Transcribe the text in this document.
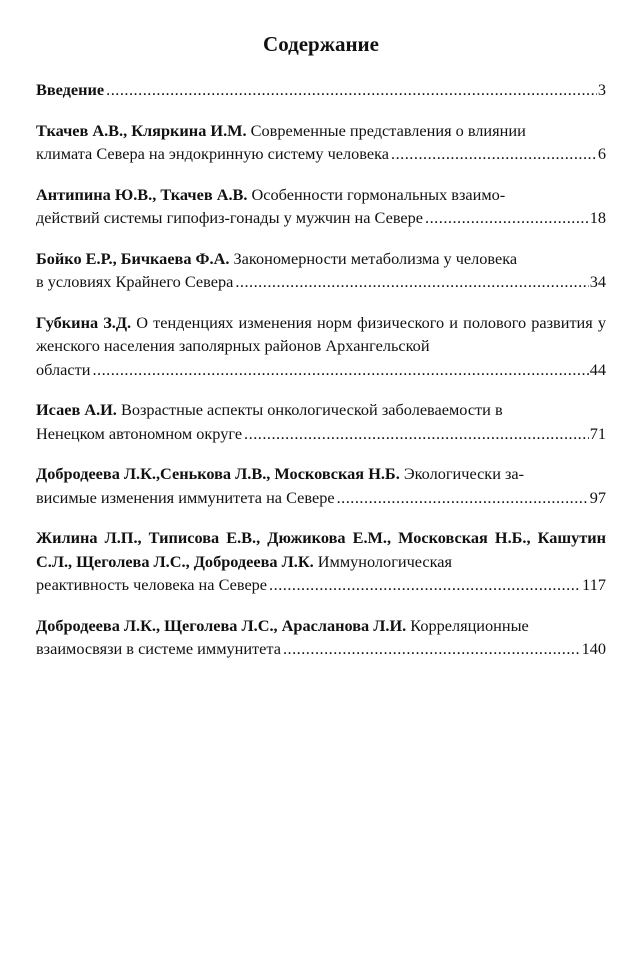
Содержание
Введение .....	3
Ткачев А.В., Кляркина И.М. Современные представления о влиянии
климата Севера на эндокринную систему человека .....	6
Антипина Ю.В., Ткачев А.В. Особенности гормональных взаимо-
действий системы гипофиз-гонады у мужчин на Севере .....	18
Бойко Е.Р., Бичкаева Ф.А. Закономерности метаболизма у человека
в условиях Крайнего Севера .....	34
Губкина З.Д. О тенденциях изменения норм физического и полового развития у женского населения заполярных районов Архангельской
области .....	44
Исаев А.И. Возрастные аспекты онкологической заболеваемости в
Ненецком автономном округе .....	71
Добродеева Л.К.,Сенькова Л.В., Московская Н.Б. Экологически за-
висимые изменения иммунитета на Севере .....	97
Жилина Л.П., Типисова Е.В., Дюжикова Е.М., Московская Н.Б., Кашутин С.Л., Щеголева Л.С., Добродеева Л.К. Иммунологическая
реактивность человека на Севере .....	117
Добродеева Л.К., Щеголева Л.С., Арасланова Л.И. Корреляционные
взаимосвязи в системе иммунитета .....	140
